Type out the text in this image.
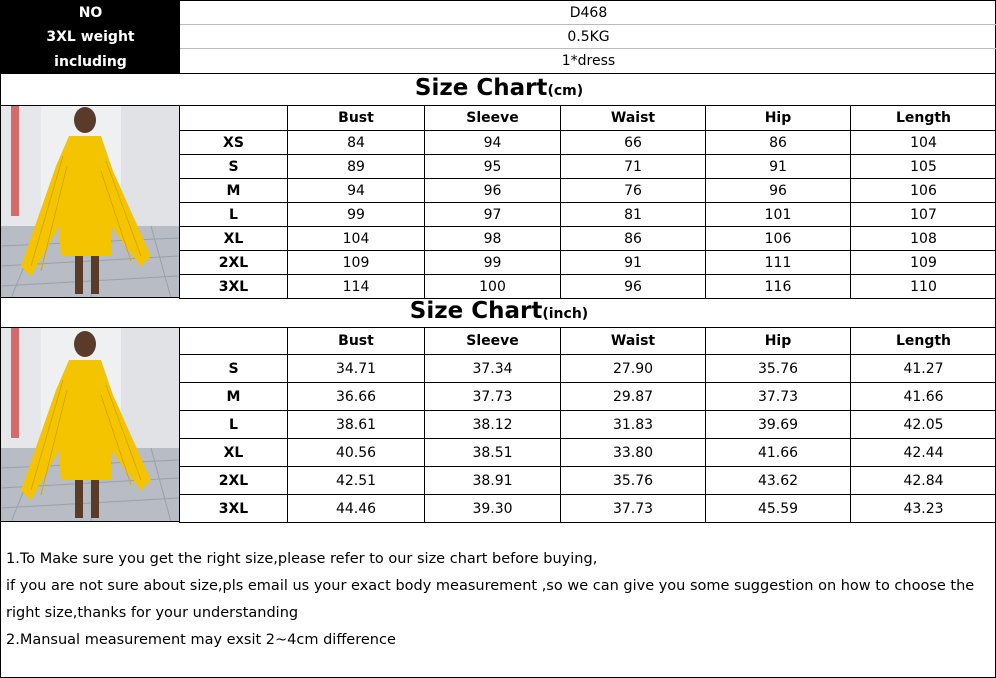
NO	D468
3XL weight	0.5KG
including	1*dress
Size Chart(cm)
	Bust	Sleeve	Waist	Hip	Length
XS	84	94	66	86	104
S	89	95	71	91	105
M	94	96	76	96	106
L	99	97	81	101	107
XL	104	98	86	106	108
2XL	109	99	91	111	109
3XL	114	100	96	116	110
Size Chart(inch)
	Bust	Sleeve	Waist	Hip	Length
S	34.71	37.34	27.90	35.76	41.27
M	36.66	37.73	29.87	37.73	41.66
L	38.61	38.12	31.83	39.69	42.05
XL	40.56	38.51	33.80	41.66	42.44
2XL	42.51	38.91	35.76	43.62	42.84
3XL	44.46	39.30	37.73	45.59	43.23
1.To Make sure you get the right size,please refer to our size chart before buying,
if you are not sure about size,pls email us your exact body measurement ,so we can give you some suggestion on how to choose the right size,thanks for your understanding
2.Mansual measurement may exsit 2~4cm difference
